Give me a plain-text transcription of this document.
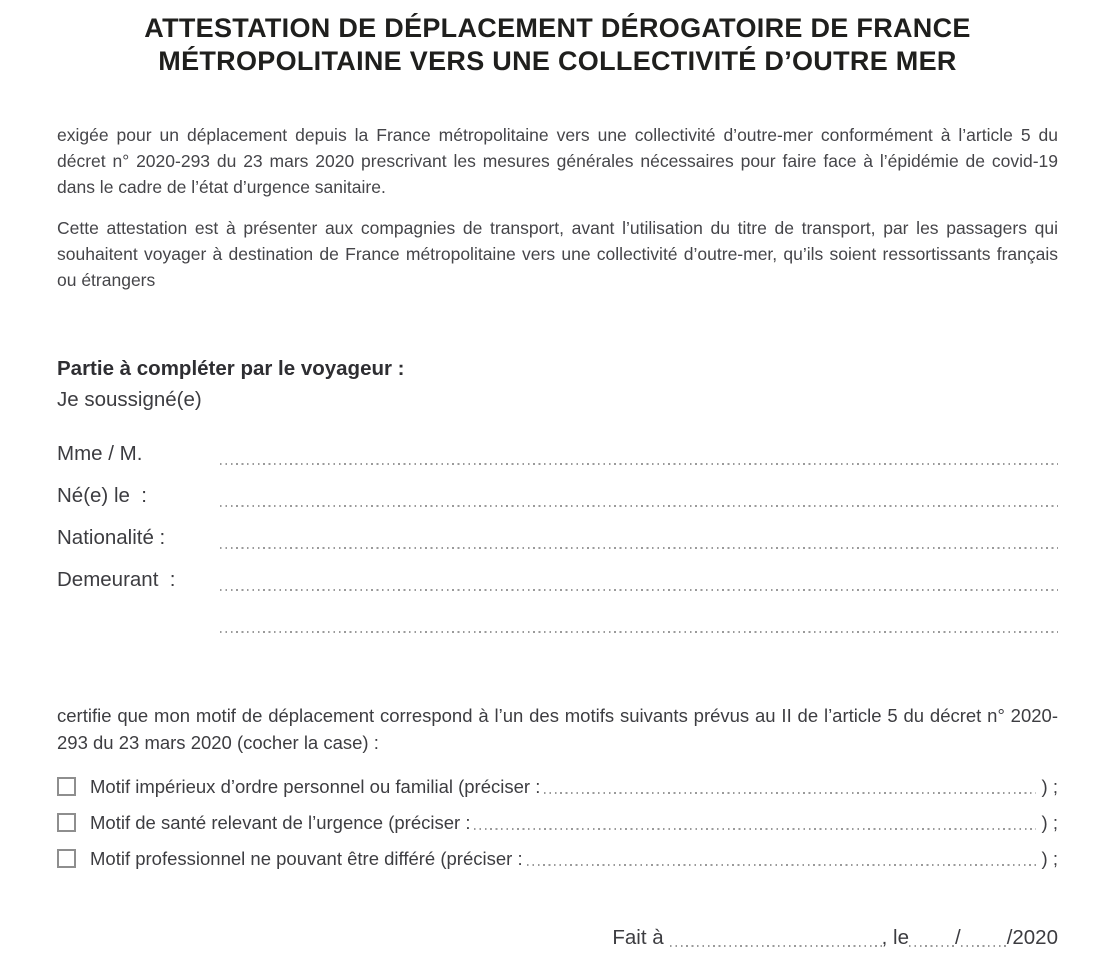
ATTESTATION DE DÉPLACEMENT DÉROGATOIRE DE FRANCE
MÉTROPOLITAINE VERS UNE COLLECTIVITÉ D’OUTRE MER

exigée pour un déplacement depuis la France métropolitaine vers une collectivité d’outre-mer conformément à l’article 5 du décret n° 2020-293 du 23 mars 2020 prescrivant les mesures générales nécessaires pour faire face à l’épidémie de covid-19 dans le cadre de l’état d’urgence sanitaire.

Cette attestation est à présenter aux compagnies de transport, avant l’utilisation du titre de transport, par les passagers qui souhaitent voyager à destination de France métropolitaine vers une collectivité d’outre-mer, qu’ils soient ressortissants français ou étrangers

Partie à compléter par le voyageur :
Je soussigné(e)
Mme / M.
Né(e) le  :
Nationalité :
Demeurant  :

certifie que mon motif de déplacement correspond à l’un des motifs suivants prévus au II de l’article 5 du décret n° 2020-293 du 23 mars 2020 (cocher la case) :

Motif impérieux d’ordre personnel ou familial (préciser :	) ;
Motif de santé relevant de l’urgence (préciser :	) ;
Motif professionnel ne pouvant être différé (préciser :	) ;
Fait à	, le / /2020
